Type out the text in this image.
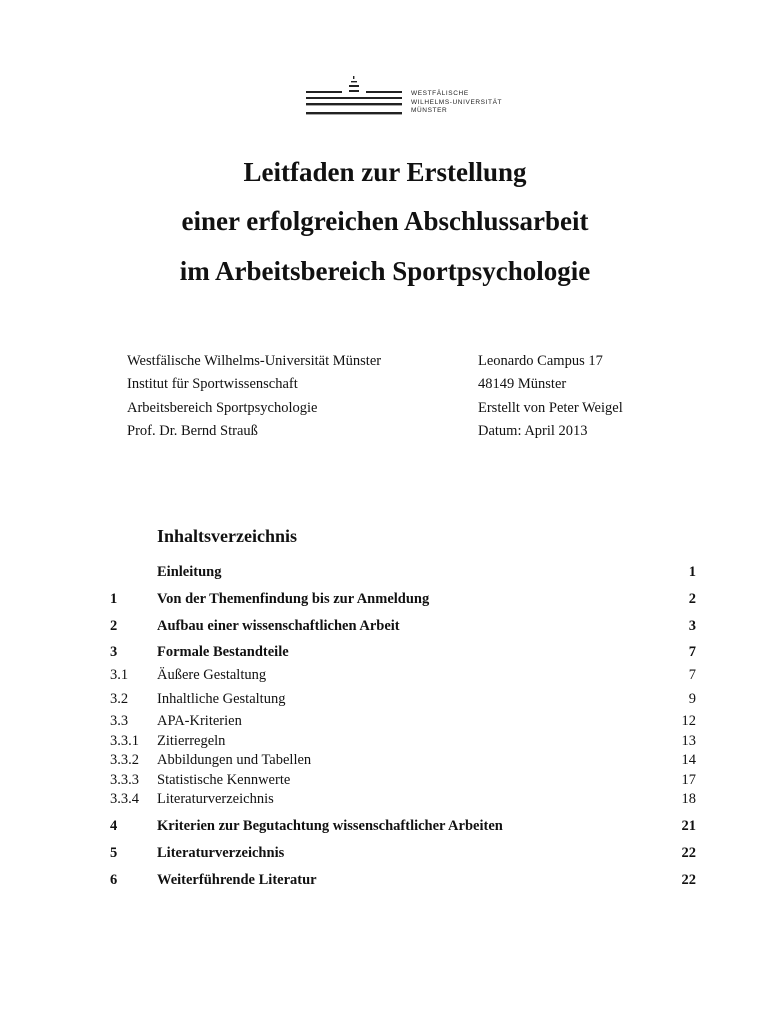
WESTFÄLISCHE
WILHELMS-UNIVERSITÄT
MÜNSTER
Leitfaden zur Erstellung
einer erfolgreichen Abschlussarbeit
im Arbeitsbereich Sportpsychologie
Westfälische Wilhelms-Universität Münster
Institut für Sportwissenschaft
Arbeitsbereich Sportpsychologie
Prof. Dr. Bernd Strauß
Leonardo Campus 17
48149 Münster
Erstellt von Peter Weigel
Datum: April 2013
Inhaltsverzeichnis
Einleitung	1
1	Von der Themenfindung bis zur Anmeldung	2
2	Aufbau einer wissenschaftlichen Arbeit	3
3	Formale Bestandteile	7
3.1 Äußere Gestaltung	7
3.2 Inhaltliche Gestaltung	9
3.3 APA-Kriterien	12
3.3.1 Zitierregeln	13
3.3.2 Abbildungen und Tabellen	14
3.3.3 Statistische Kennwerte	17
3.3.4 Literaturverzeichnis	18
4	Kriterien zur Begutachtung wissenschaftlicher Arbeiten	21
5	Literaturverzeichnis	22
6	Weiterführende Literatur	22
